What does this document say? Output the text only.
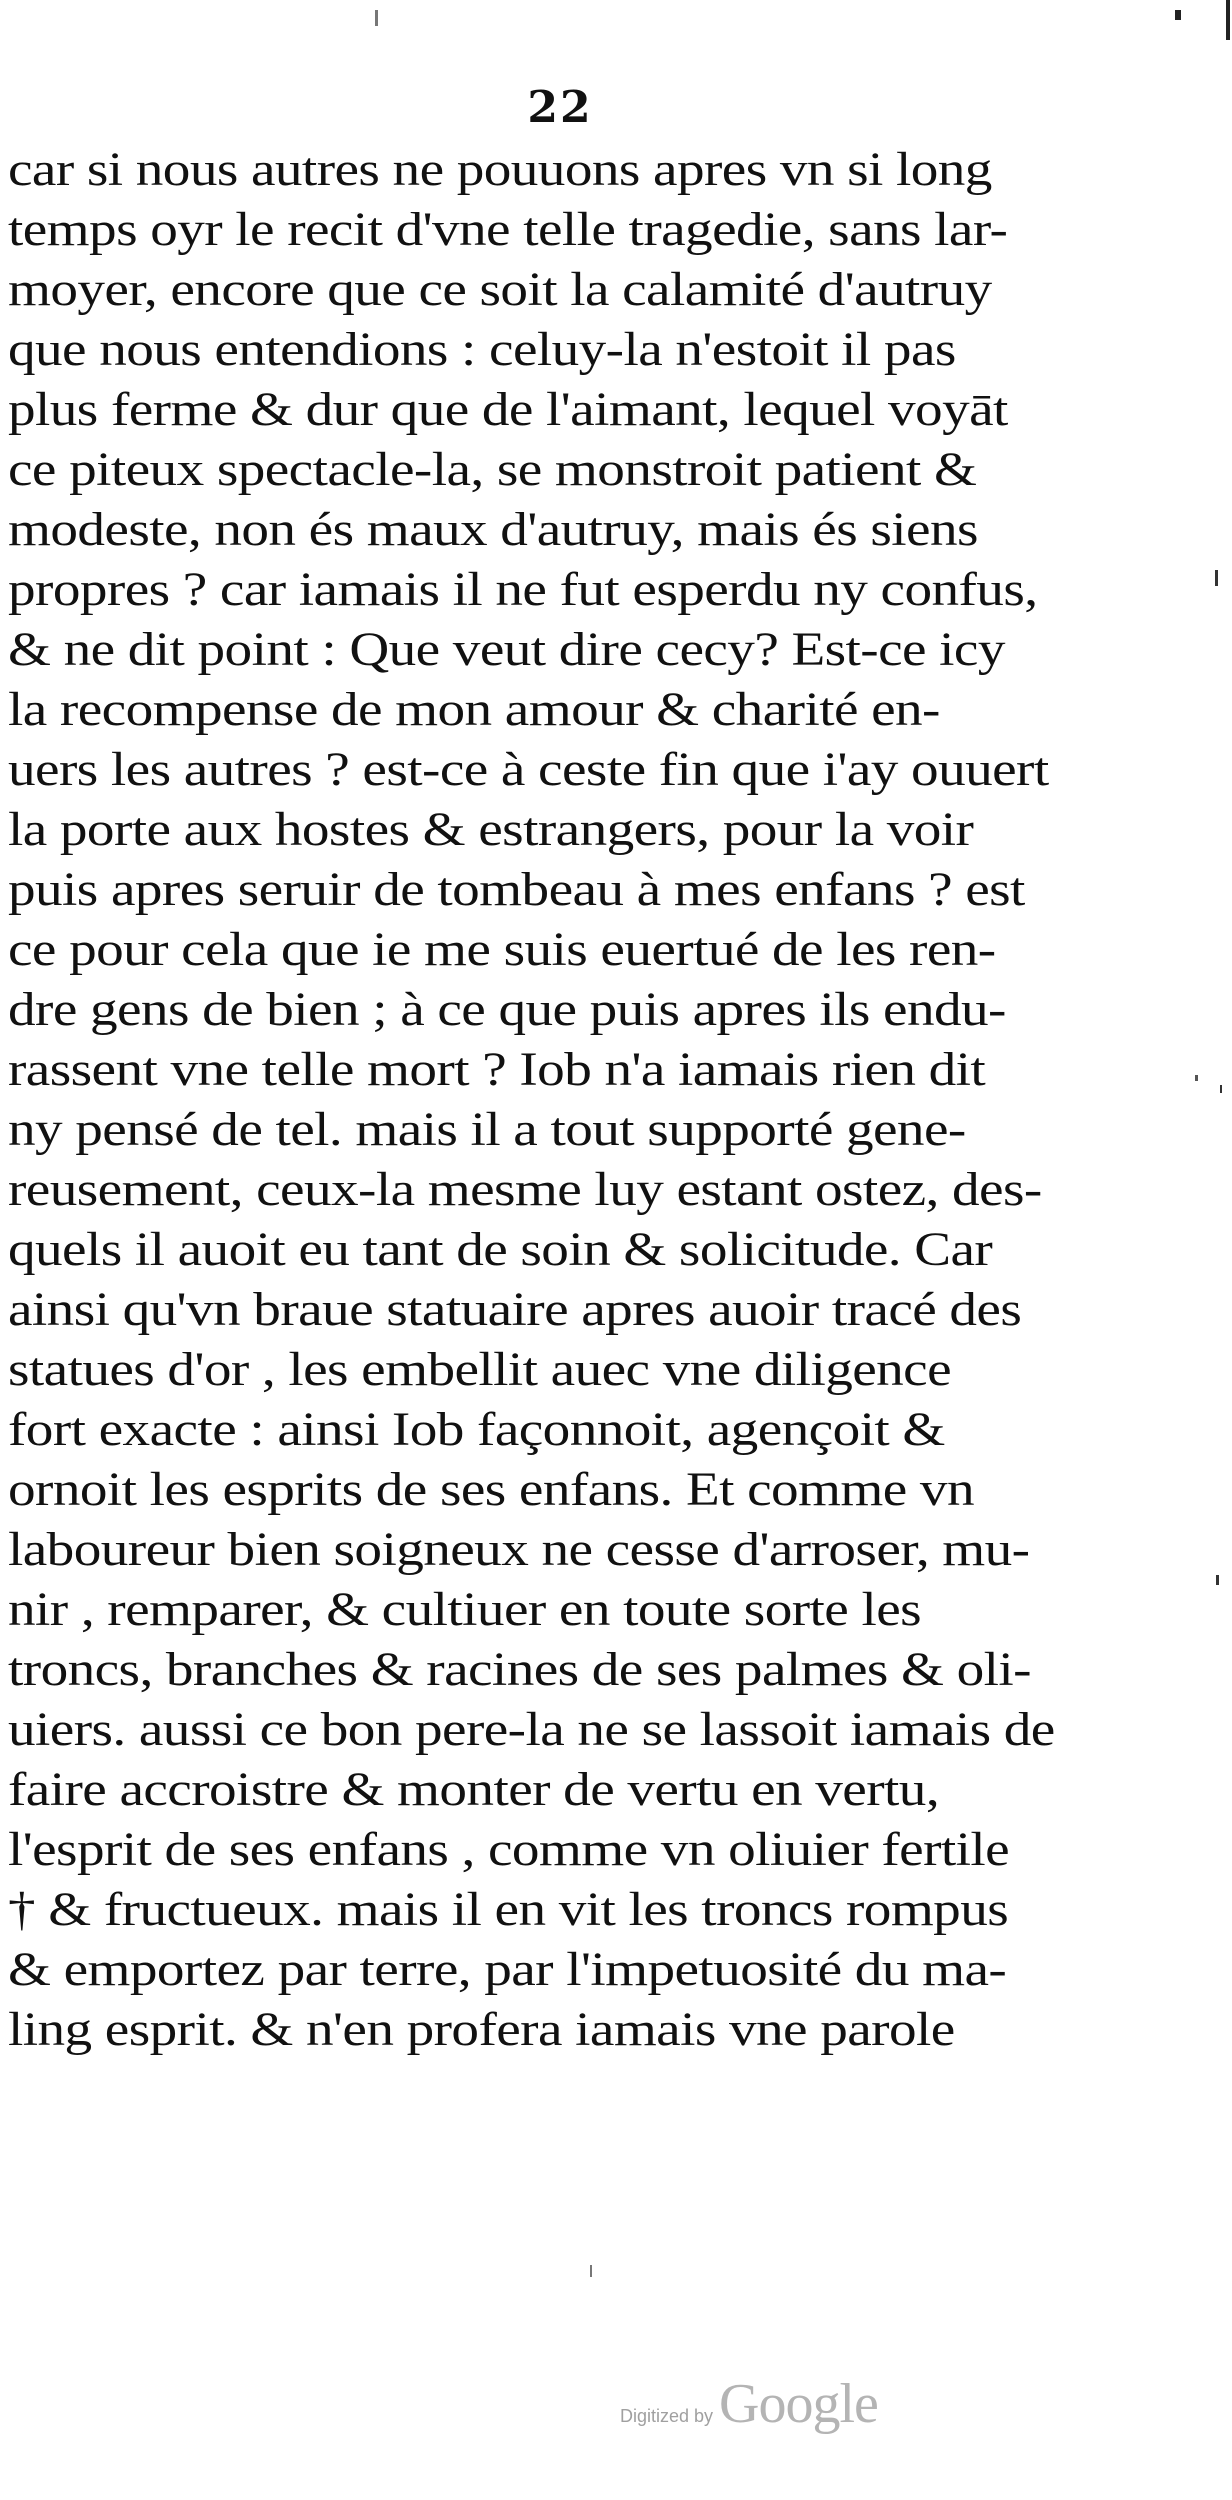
22
car si nous autres ne pouuons apres vn si long
temps oyr le recit d'vne telle tragedie, sans lar-
moyer, encore que ce soit la calamité d'autruy
que nous entendions : celuy-la n'estoit il pas
plus ferme & dur que de l'aimant, lequel voyāt
ce piteux spectacle-la, se monstroit patient &
modeste, non és maux d'autruy, mais és siens
propres ? car iamais il ne fut esperdu ny confus,
& ne dit point : Que veut dire cecy? Est-ce icy
la recompense de mon amour & charité en-
uers les autres ? est-ce à ceste fin que i'ay ouuert
la porte aux hostes & estrangers, pour la voir
puis apres seruir de tombeau à mes enfans ? est
ce pour cela que ie me suis euertué de les ren-
dre gens de bien ; à ce que puis apres ils endu-
rassent vne telle mort ? Iob n'a iamais rien dit
ny pensé de tel. mais il a tout supporté gene-
reusement, ceux-la mesme luy estant ostez, des-
quels il auoit eu tant de soin & solicitude. Car
ainsi qu'vn braue statuaire apres auoir tracé des
statues d'or , les embellit auec vne diligence
fort exacte : ainsi Iob façonnoit, agençoit &
ornoit les esprits de ses enfans. Et comme vn
laboureur bien soigneux ne cesse d'arroser, mu-
nir , remparer, & cultiuer en toute sorte les
troncs, branches & racines de ses palmes & oli-
uiers. aussi ce bon pere-la ne se lassoit iamais de
faire accroistre & monter de vertu en vertu,
l'esprit de ses enfans , comme vn oliuier fertile
† & fructueux. mais il en vit les troncs rompus
& emportez par terre, par l'impetuosité du ma-
ling esprit. & n'en profera iamais vne parole
Digitized by Google
